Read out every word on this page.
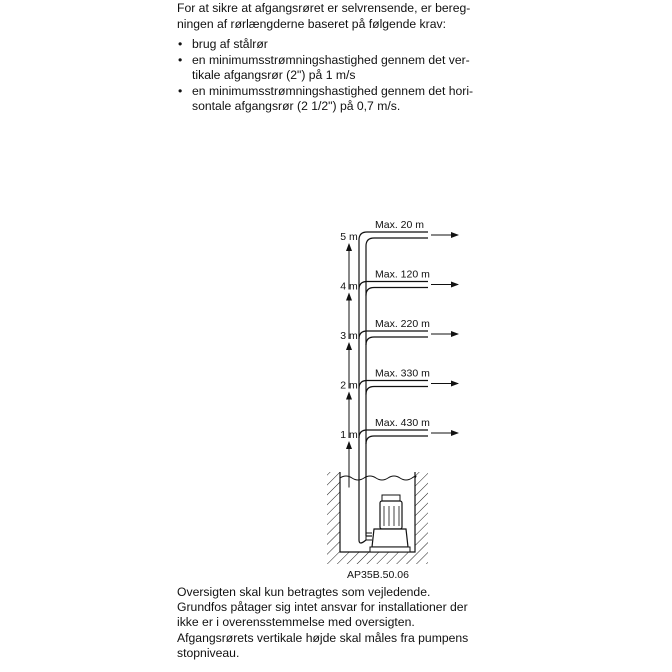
For at sikre at afgangsrøret er selvrensende, er bereg-
ningen af rørlængderne baseret på følgende krav:
• brug af stålrør
• en minimumsstrømningshastighed gennem det ver-
tikale afgangsrør (2") på 1 m/s
• en minimumsstrømningshastighed gennem det hori-
sontale afgangsrør (2 1/2") på 0,7 m/s.
Max. 20 m
Max. 120 m
Max. 220 m
Max. 330 m
Max. 430 m
5 m
4 m
3 m
2 m
1 m
AP35B.50.06
Oversigten skal kun betragtes som vejledende.
Grundfos påtager sig intet ansvar for installationer der
ikke er i overensstemmelse med oversigten.
Afgangsrørets vertikale højde skal måles fra pumpens
stopniveau.
